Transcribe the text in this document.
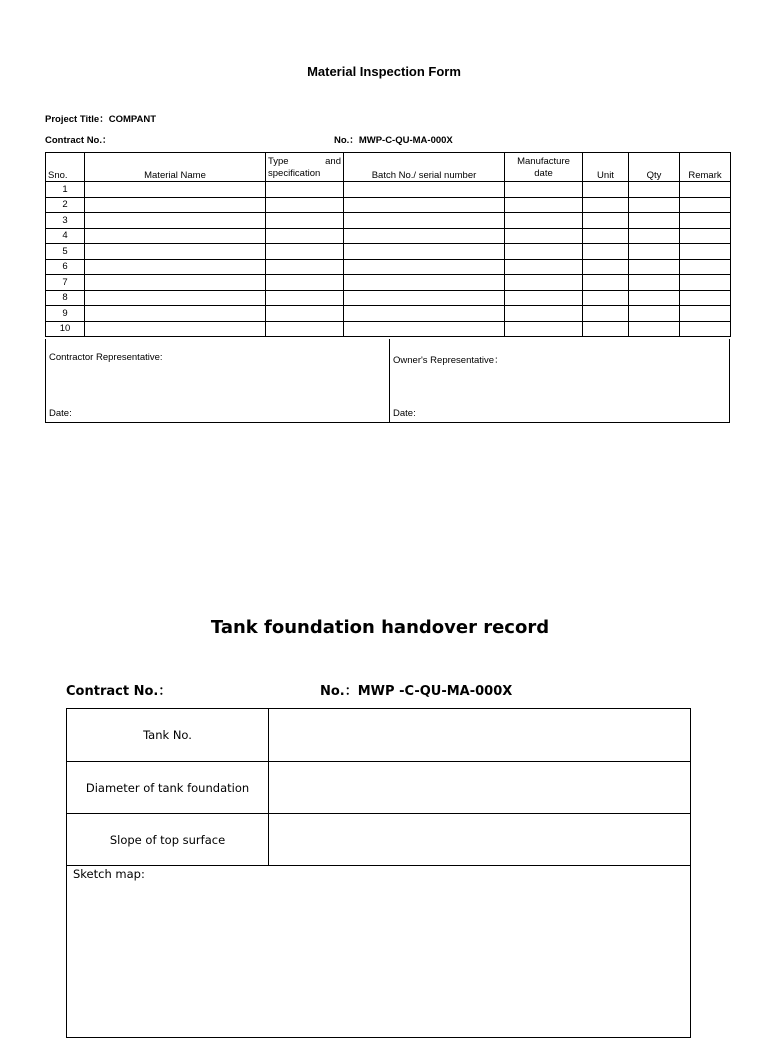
Material Inspection Form
Project Title：COMPANT
Contract No.：	No.：MWP-C-QU-MA-000X
Sno.	Material Name	Type and specification	Batch No./ serial number	Manufacture date	Unit	Qty	Remark
1							
2							
3							
4							
5							
6							
7							
8							
9							
10							
Contractor Representative:
Date:
Owner's Representative：
Date:
Tank foundation handover record
Contract No.：	No.：MWP -C-QU-MA-000X
Tank No.
Diameter of tank foundation
Slope of top surface
Sketch map:
